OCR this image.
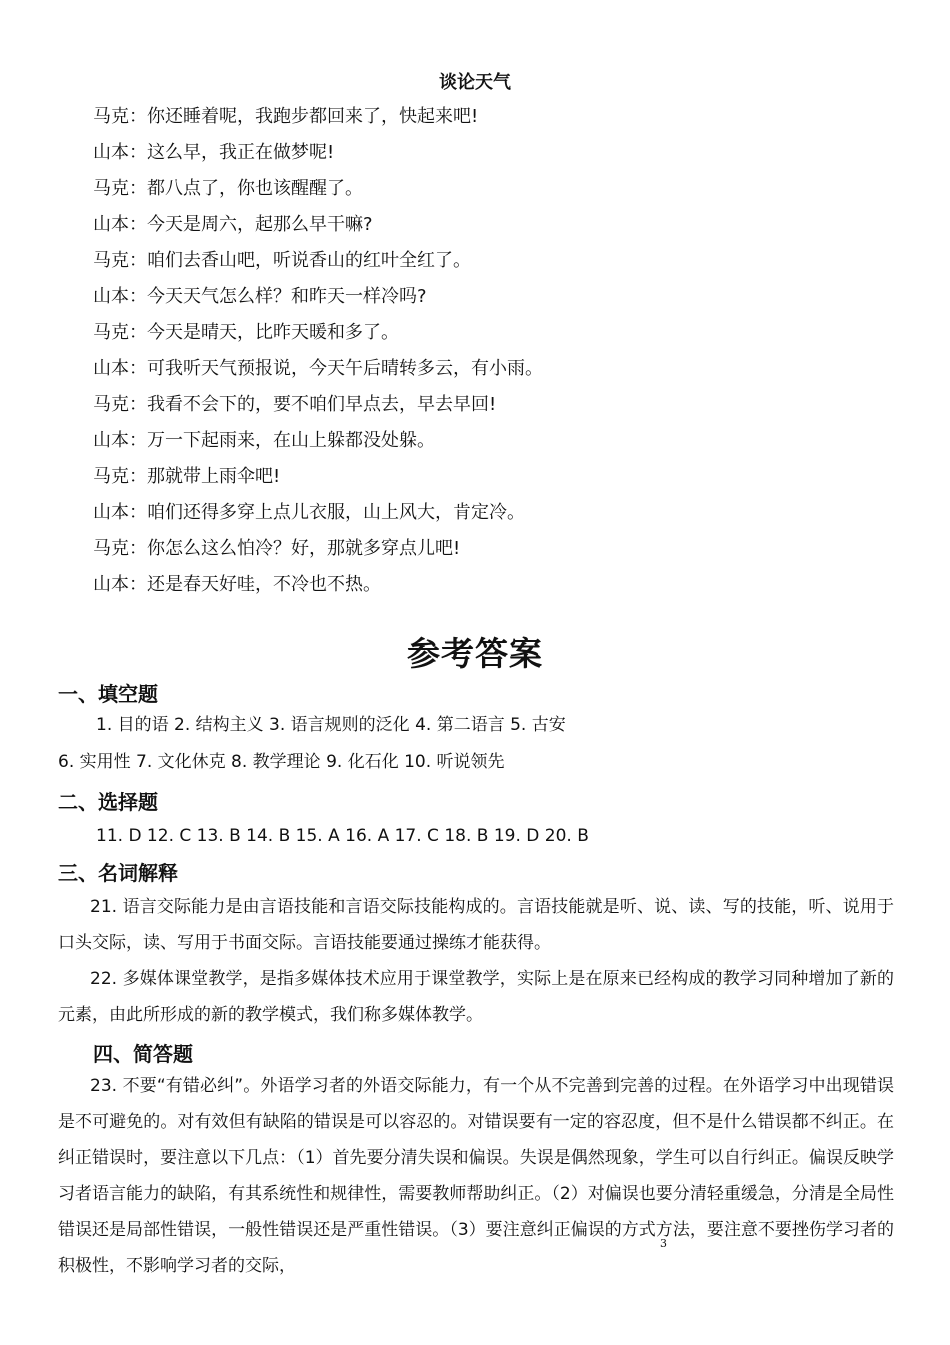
谈论天气
马克：你还睡着呢，我跑步都回来了，快起来吧!
山本：这么早，我正在做梦呢!
马克：都八点了，你也该醒醒了。
山本：今天是周六，起那么早干嘛?
马克：咱们去香山吧，听说香山的红叶全红了。
山本：今天天气怎么样？和昨天一样冷吗?
马克：今天是晴天，比昨天暖和多了。
山本：可我听天气预报说，今天午后晴转多云，有小雨。
马克：我看不会下的，要不咱们早点去，早去早回!
山本：万一下起雨来，在山上躲都没处躲。
马克：那就带上雨伞吧!
山本：咱们还得多穿上点儿衣服，山上风大，肯定冷。
马克：你怎么这么怕冷？好，那就多穿点儿吧!
山本：还是春天好哇，不冷也不热。
参考答案
一、填空题
1. 目的语 2. 结构主义 3. 语言规则的泛化 4. 第二语言 5. 古安
6. 实用性 7. 文化休克 8. 教学理论 9. 化石化 10. 听说领先
二、选择题
11. D 12. C 13. B 14. B 15. A 16. A 17. C 18. B 19. D 20. B
三、名词解释
21. 语言交际能力是由言语技能和言语交际技能构成的。言语技能就是听、说、读、写的技能，听、说用于口头交际，读、写用于书面交际。言语技能要通过操练才能获得。
22. 多媒体课堂教学，是指多媒体技术应用于课堂教学，实际上是在原来已经构成的教学习同种增加了新的元素，由此所形成的新的教学模式，我们称多媒体教学。
四、简答题
23. 不要“有错必纠”。外语学习者的外语交际能力，有一个从不完善到完善的过程。在外语学习中出现错误是不可避免的。对有效但有缺陷的错误是可以容忍的。对错误要有一定的容忍度，但不是什么错误都不纠正。在纠正错误时，要注意以下几点：（1）首先要分清失误和偏误。失误是偶然现象，学生可以自行纠正。偏误反映学习者语言能力的缺陷，有其系统性和规律性，需要教师帮助纠正。（2）对偏误也要分清轻重缓急，分清是全局性错误还是局部性错误，一般性错误还是严重性错误。（3）要注意纠正偏误的方式方法，要注意不要挫伤学习者的积极性，不影响学习者的交际，
3
